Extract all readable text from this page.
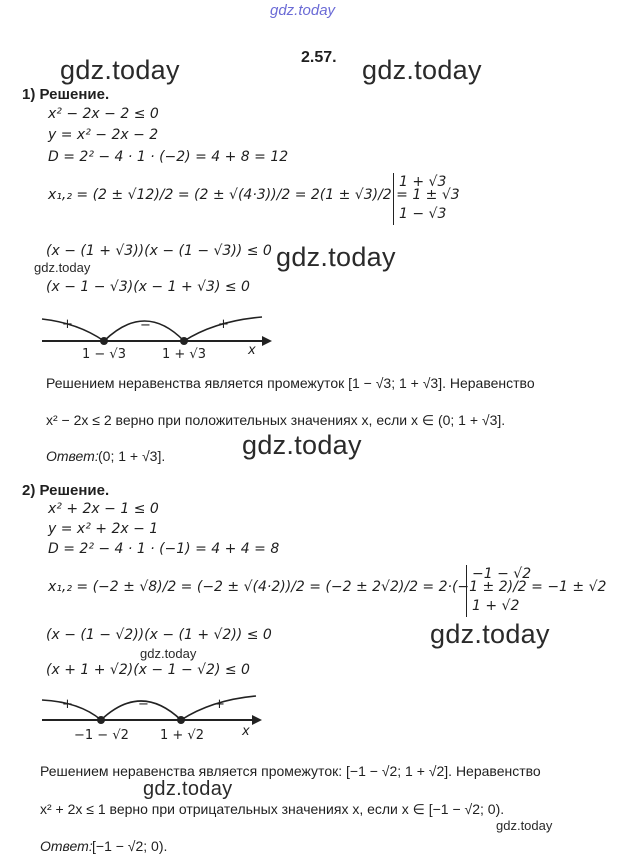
gdz.today
2.57.
gdz.today	gdz.today
1) Решение.
x² − 2x − 2 ≤ 0
y = x² − 2x − 2
D = 2² − 4 · 1 · (−2) = 4 + 8 = 12
x₁,₂ = (2 ± √12)/2 = (2 ± √(4·3))/2 = 2(1 ± √3)/2 = 1 ± √3
1 + √3
1 − √3
(x − (1 + √3))(x − (1 − √3)) ≤ 0
gdz.today	gdz.today
(x − 1 − √3)(x − 1 + √3) ≤ 0
+	−	+
1 − √3	1 + √3	x
Решением неравенства является промежуток [1 − √3; 1 + √3]. Неравенство
x² − 2x ≤ 2 верно при положительных значениях x, если x ∈ (0; 1 + √3].
gdz.today
Ответ: (0; 1 + √3].
2) Решение.
x² + 2x − 1 ≤ 0
y = x² + 2x − 1
D = 2² − 4 · 1 · (−1) = 4 + 4 = 8
x₁,₂ = (−2 ± √8)/2 = (−2 ± √(4·2))/2 = (−2 ± 2√2)/2 = 2·(−1 ± 2)/2 = −1 ± √2
−1 − √2
1 + √2
(x − (1 − √2))(x − (1 + √2)) ≤ 0	gdz.today
gdz.today
(x + 1 + √2)(x − 1 − √2) ≤ 0
+	−	+
−1 − √2 1 + √2	x
Решением неравенства является промежуток: [−1 − √2; 1 + √2]. Неравенство
gdz.today
x² + 2x ≤ 1 верно при отрицательных значениях x, если x ∈ [−1 − √2; 0).
gdz.today
Ответ: [−1 − √2; 0).
